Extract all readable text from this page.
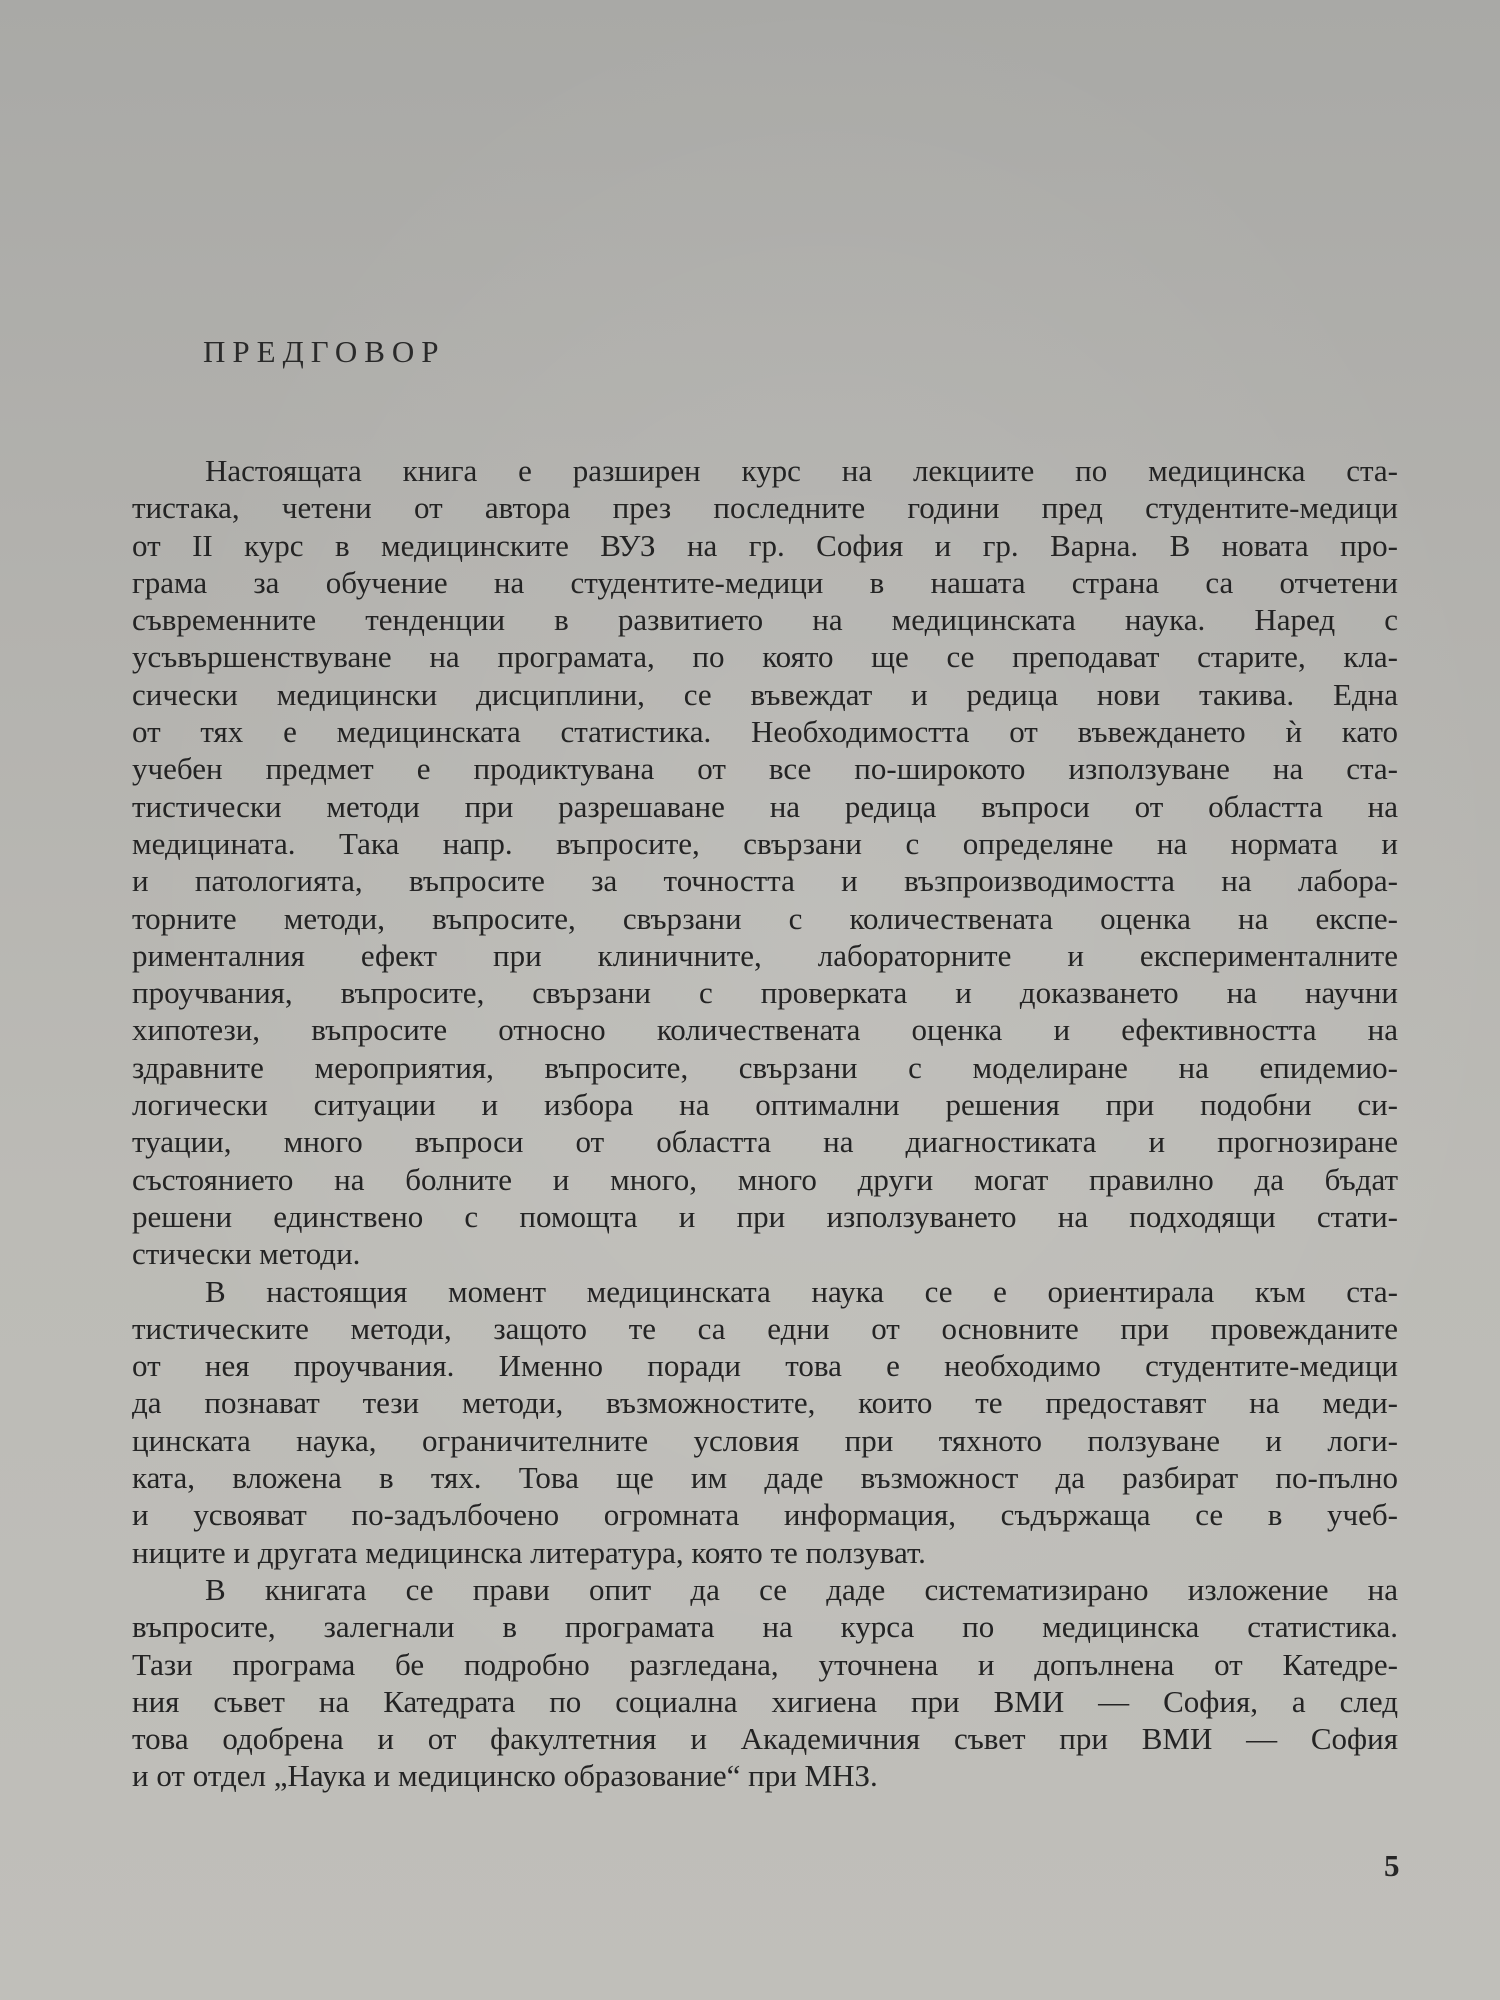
ПРЕДГОВОР
Настоящата книга е разширен курс на лекциите по медицинска ста-
тистака, четени от автора през последните години пред студентите-медици
от II курс в медицинските ВУЗ на гр. София и гр. Варна. В новата про-
грама за обучение на студентите-медици в нашата страна са отчетени
съвременните тенденции в развитието на медицинската наука. Наред с
усъвършенствуване на програмата, по която ще се преподават старите, кла-
сически медицински дисциплини, се въвеждат и редица нови такива. Една
от тях е медицинската статистика. Необходимостта от въвеждането ѝ като
учебен предмет е продиктувана от все по-широкото използуване на ста-
тистически методи при разрешаване на редица въпроси от областта на
медицината. Така напр. въпросите, свързани с определяне на нормата и
и патологията, въпросите за точността и възпроизводимостта на лабора-
торните методи, въпросите, свързани с количествената оценка на експе-
рименталния ефект при клиничните, лабораторните и експерименталните
проучвания, въпросите, свързани с проверката и доказването на научни
хипотези, въпросите относно количествената оценка и ефективността на
здравните мероприятия, въпросите, свързани с моделиране на епидемио-
логически ситуации и избора на оптимални решения при подобни си-
туации, много въпроси от областта на диагностиката и прогнозиране
състоянието на болните и много, много други могат правилно да бъдат
решени единствено с помощта и при използуването на подходящи стати-
стически методи.
В настоящия момент медицинската наука се е ориентирала към ста-
тистическите методи, защото те са едни от основните при провежданите
от нея проучвания. Именно поради това е необходимо студентите-медици
да познават тези методи, възможностите, които те предоставят на меди-
цинската наука, ограничителните условия при тяхното ползуване и логи-
ката, вложена в тях. Това ще им даде възможност да разбират по-пълно
и усвояват по-задълбочено огромната информация, съдържаща се в учеб-
ниците и другата медицинска литература, която те ползуват.
В книгата се прави опит да се даде систематизирано изложение на
въпросите, залегнали в програмата на курса по медицинска статистика.
Тази програма бе подробно разгледана, уточнена и допълнена от Катедре-
ния съвет на Катедрата по социална хигиена при ВМИ — София, а след
това одобрена и от факултетния и Академичния съвет при ВМИ — София
и от отдел „Наука и медицинско образование“ при МНЗ.
5
